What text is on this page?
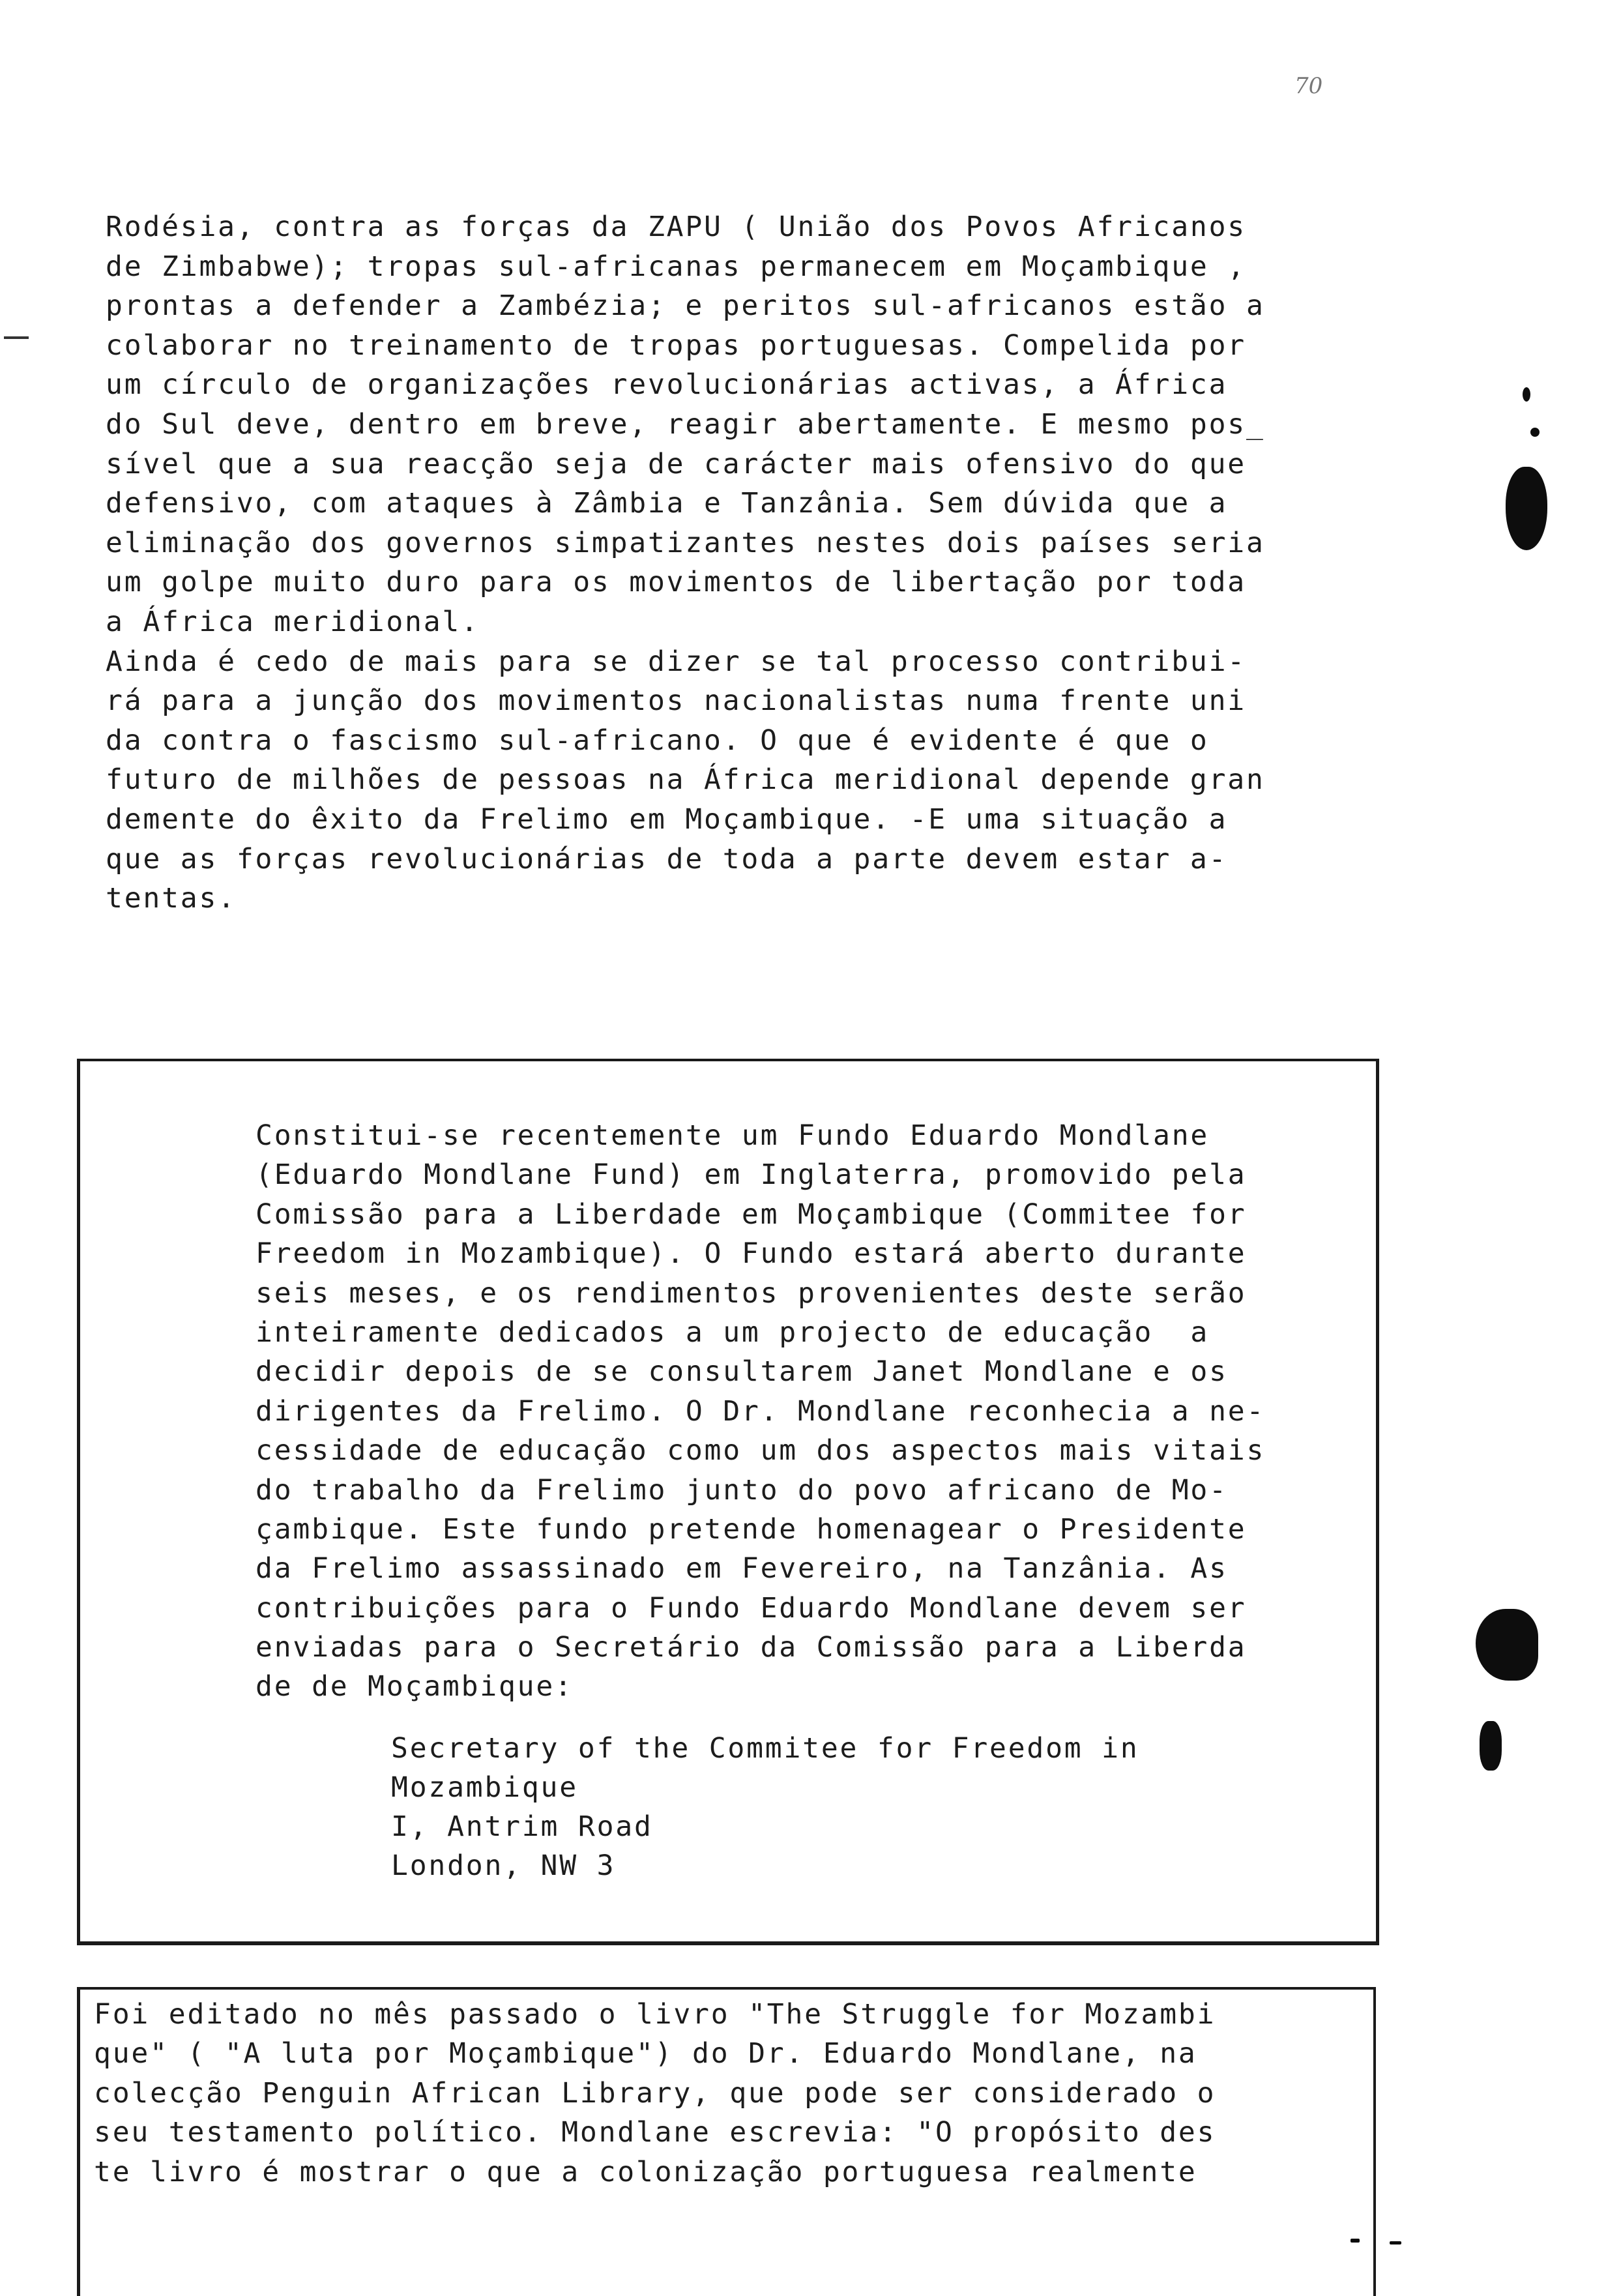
70
Rodésia, contra as forças da ZAPU ( União dos Povos Africanos
de Zimbabwe); tropas sul-africanas permanecem em Moçambique ,
prontas a defender a Zambézia; e peritos sul-africanos estão a
colaborar no treinamento de tropas portuguesas. Compelida por
um círculo de organizações revolucionárias activas, a África
do Sul deve, dentro em breve, reagir abertamente. E mesmo pos_
sível que a sua reacção seja de carácter mais ofensivo do que
defensivo, com ataques à Zâmbia e Tanzânia. Sem dúvida que a
eliminação dos governos simpatizantes nestes dois países seria
um golpe muito duro para os movimentos de libertação por toda
a África meridional.
Ainda é cedo de mais para se dizer se tal processo contribui-
rá para a junção dos movimentos nacionalistas numa frente uni
da contra o fascismo sul-africano. O que é evidente é que o
futuro de milhões de pessoas na África meridional depende gran
demente do êxito da Frelimo em Moçambique. -E uma situação a
que as forças revolucionárias de toda a parte devem estar a-
tentas.
Constitui-se recentemente um Fundo Eduardo Mondlane
(Eduardo Mondlane Fund) em Inglaterra, promovido pela
Comissão para a Liberdade em Moçambique (Commitee for
Freedom in Mozambique). O Fundo estará aberto durante
seis meses, e os rendimentos provenientes deste serão
inteiramente dedicados a um projecto de educação  a
decidir depois de se consultarem Janet Mondlane e os
dirigentes da Frelimo. O Dr. Mondlane reconhecia a ne-
cessidade de educação como um dos aspectos mais vitais
do trabalho da Frelimo junto do povo africano de Mo-
çambique. Este fundo pretende homenagear o Presidente
da Frelimo assassinado em Fevereiro, na Tanzânia. As
contribuições para o Fundo Eduardo Mondlane devem ser
enviadas para o Secretário da Comissão para a Liberda
de de Moçambique:
Secretary of the Commitee for Freedom in
Mozambique
I, Antrim Road
London, NW 3
Foi editado no mês passado o livro "The Struggle for Mozambi
que" ( "A luta por Moçambique") do Dr. Eduardo Mondlane, na
colecção Penguin African Library, que pode ser considerado o
seu testamento político. Mondlane escrevia: "O propósito des
te livro é mostrar o que a colonização portuguesa realmente
